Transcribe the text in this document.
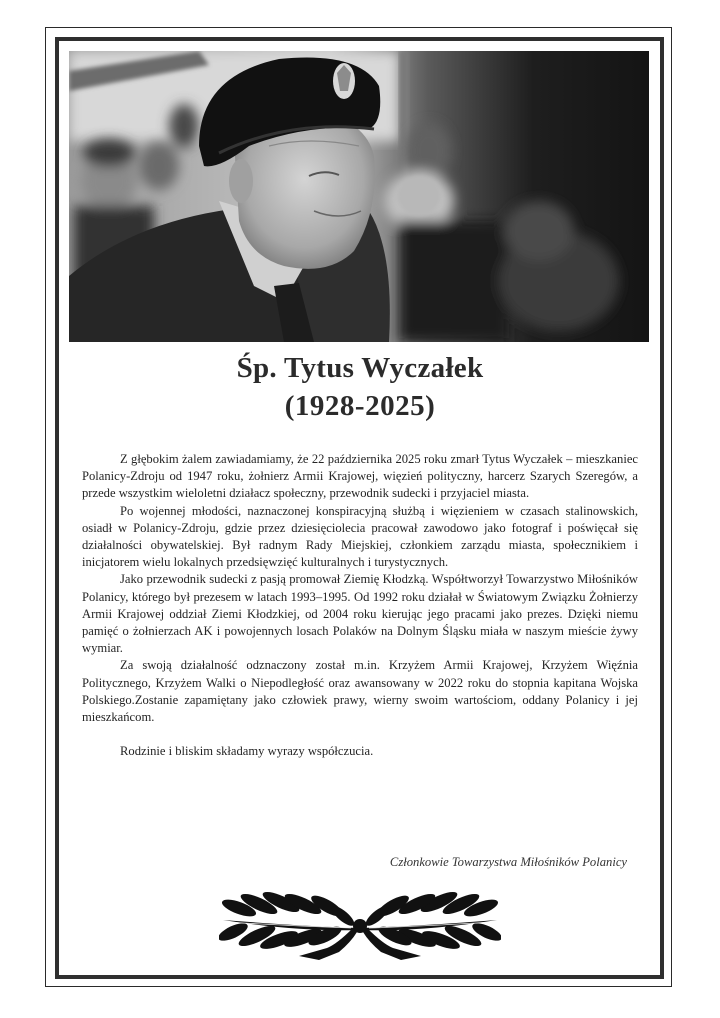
Śp. Tytus Wyczałek
(1928-2025)

Z głębokim żalem zawiadamiamy, że 22 października 2025 roku zmarł Tytus Wyczałek – mieszkaniec Polanicy-Zdroju od 1947 roku, żołnierz Armii Krajowej, więzień polityczny, harcerz Szarych Szeregów, a przede wszystkim wieloletni działacz społeczny, przewodnik sudecki i przyjaciel miasta.

Po wojennej młodości, naznaczonej konspiracyjną służbą i więzieniem w czasach stalinowskich, osiadł w Polanicy-Zdroju, gdzie przez dziesięciolecia pracował zawodowo jako fotograf i poświęcał się działalności obywatelskiej. Był radnym Rady Miejskiej, członkiem zarządu miasta, społecznikiem i inicjatorem wielu lokalnych przedsięwzięć kulturalnych i turystycznych.

Jako przewodnik sudecki z pasją promował Ziemię Kłodzką. Współtworzył Towarzystwo Miłośników Polanicy, którego był prezesem w latach 1993–1995. Od 1992 roku działał w Światowym Związku Żołnierzy Armii Krajowej oddział Ziemi Kłodzkiej, od 2004 roku kierując jego pracami jako prezes. Dzięki niemu pamięć o żołnierzach AK i powojennych losach Polaków na Dolnym Śląsku miała w naszym mieście żywy wymiar.

Za swoją działalność odznaczony został m.in. Krzyżem Armii Krajowej, Krzyżem Więźnia Politycznego, Krzyżem Walki o Niepodległość oraz awansowany w 2022 roku do stopnia kapitana Wojska Polskiego.Zostanie zapamiętany jako człowiek prawy, wierny swoim wartościom, oddany Polanicy i jej mieszkańcom.

Rodzinie i bliskim składamy wyrazy współczucia.

Członkowie Towarzystwa Miłośników Polanicy
